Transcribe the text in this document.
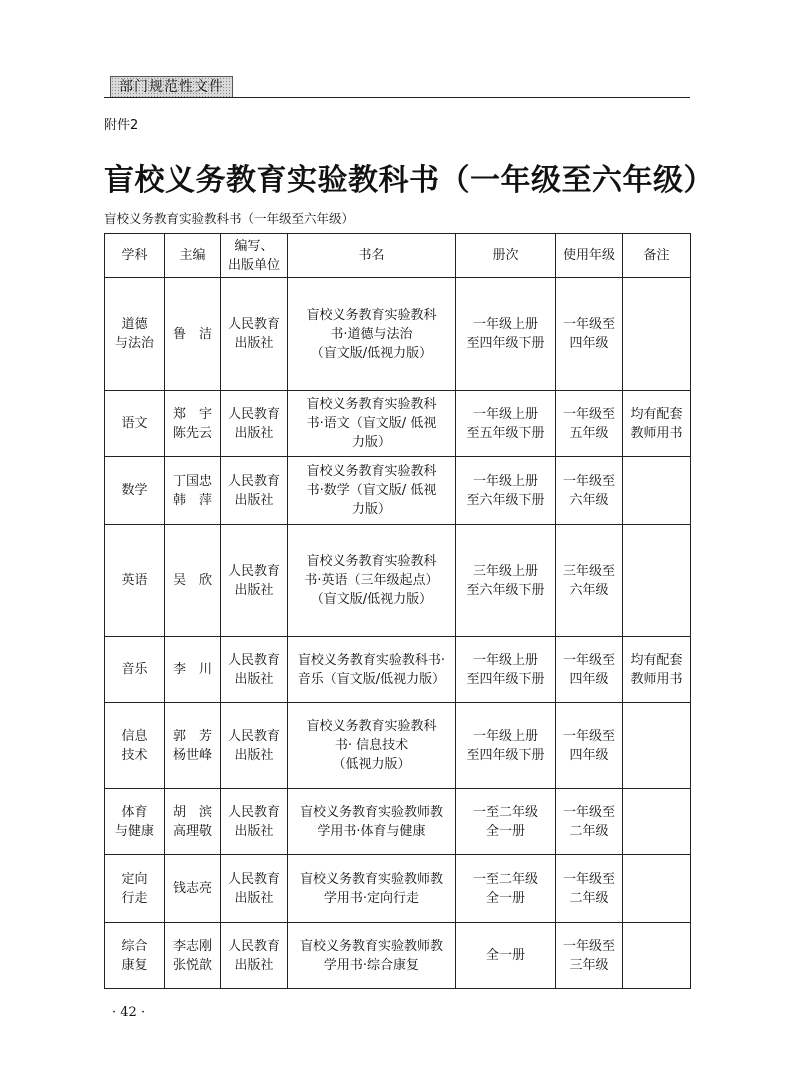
部门规范性文件
附件2
盲校义务教育实验教科书（一年级至六年级）
盲校义务教育实验教科书（一年级至六年级）
学科	主编	编写、
出版单位	书名	册次	使用年级	备注

道德
与法治	鲁　洁	人民教育
出版社	盲校义务教育实验教科
书·道德与法治
（盲文版/低视力版）	一年级上册
至四年级下册	一年级至
四年级	

语文	郑　宇
陈先云	人民教育
出版社	盲校义务教育实验教科
书·语文（盲文版/ 低视
力版）	一年级上册
至五年级下册	一年级至
五年级	均有配套
教师用书

数学	丁国忠
韩　萍	人民教育
出版社	盲校义务教育实验教科
书·数学（盲文版/ 低视
力版）	一年级上册
至六年级下册	一年级至
六年级	

英语	吴　欣	人民教育
出版社	盲校义务教育实验教科
书·英语（三年级起点）
（盲文版/低视力版）	三年级上册
至六年级下册	三年级至
六年级	

音乐	李　川	人民教育
出版社	盲校义务教育实验教科书·
音乐（盲文版/低视力版）	一年级上册
至四年级下册	一年级至
四年级	均有配套
教师用书

信息
技术	郭　芳
杨世峰	人民教育
出版社	盲校义务教育实验教科
书· 信息技术
（低视力版）	一年级上册
至四年级下册	一年级至
四年级	

体育
与健康	胡　滨
高理敬	人民教育
出版社	盲校义务教育实验教师教
学用书·体育与健康	一至二年级
全一册	一年级至
二年级	

定向
行走	钱志亮	人民教育
出版社	盲校义务教育实验教师教
学用书·定向行走	一至二年级
全一册	一年级至
二年级	

综合
康复	李志刚
张悦歆	人民教育
出版社	盲校义务教育实验教师教
学用书·综合康复	全一册	一年级至
三年级	

· 42 ·
